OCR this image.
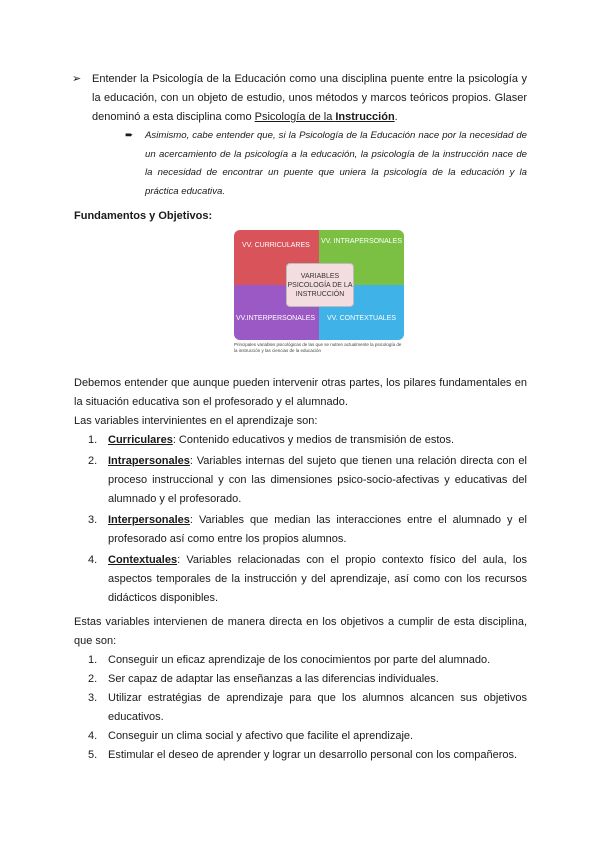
➢ Entender la Psicología de la Educación como una disciplina puente entre la psicología y la educación, con un objeto de estudio, unos métodos y marcos teóricos propios. Glaser denominó a esta disciplina como Psicología de la Instrucción.
➨ Asimismo, cabe entender que, si la Psicología de la Educación nace por la necesidad de un acercamiento de la psicología a la educación, la psicología de la instrucción nace de la necesidad de encontrar un puente que uniera la psicología de la educación y la práctica educativa.
Fundamentos y Objetivos:
VV. CURRICULARES
VV. INTRAPERSONALES
VV.INTERPERSONALES VV. CONTEXTUALES
VARIABLES PSICOLOGÍA DE LA INSTRUCCIÓN
Principales variables psicológicas de las que se nutren actualmente la psicología de la instrucción y las ciencias de la educación
Debemos entender que aunque pueden intervenir otras partes, los pilares fundamentales en la situación educativa son el profesorado y el alumnado.
Las variables intervinientes en el aprendizaje son:
1. Curriculares: Contenido educativos y medios de transmisión de estos.
2. Intrapersonales: Variables internas del sujeto que tienen una relación directa con el proceso instruccional y con las dimensiones psico-socio-afectivas y educativas del alumnado y el profesorado.
3. Interpersonales: Variables que median las interacciones entre el alumnado y el profesorado así como entre los propios alumnos.
4. Contextuales: Variables relacionadas con el propio contexto físico del aula, los aspectos temporales de la instrucción y del aprendizaje, así como con los recursos didácticos disponibles.
Estas variables intervienen de manera directa en los objetivos a cumplir de esta disciplina, que son:
1. Conseguir un eficaz aprendizaje de los conocimientos por parte del alumnado.
2. Ser capaz de adaptar las enseñanzas a las diferencias individuales.
3. Utilizar estratégias de aprendizaje para que los alumnos alcancen sus objetivos educativos.
4. Conseguir un clima social y afectivo que facilite el aprendizaje.
5. Estimular el deseo de aprender y lograr un desarrollo personal con los compañeros.
